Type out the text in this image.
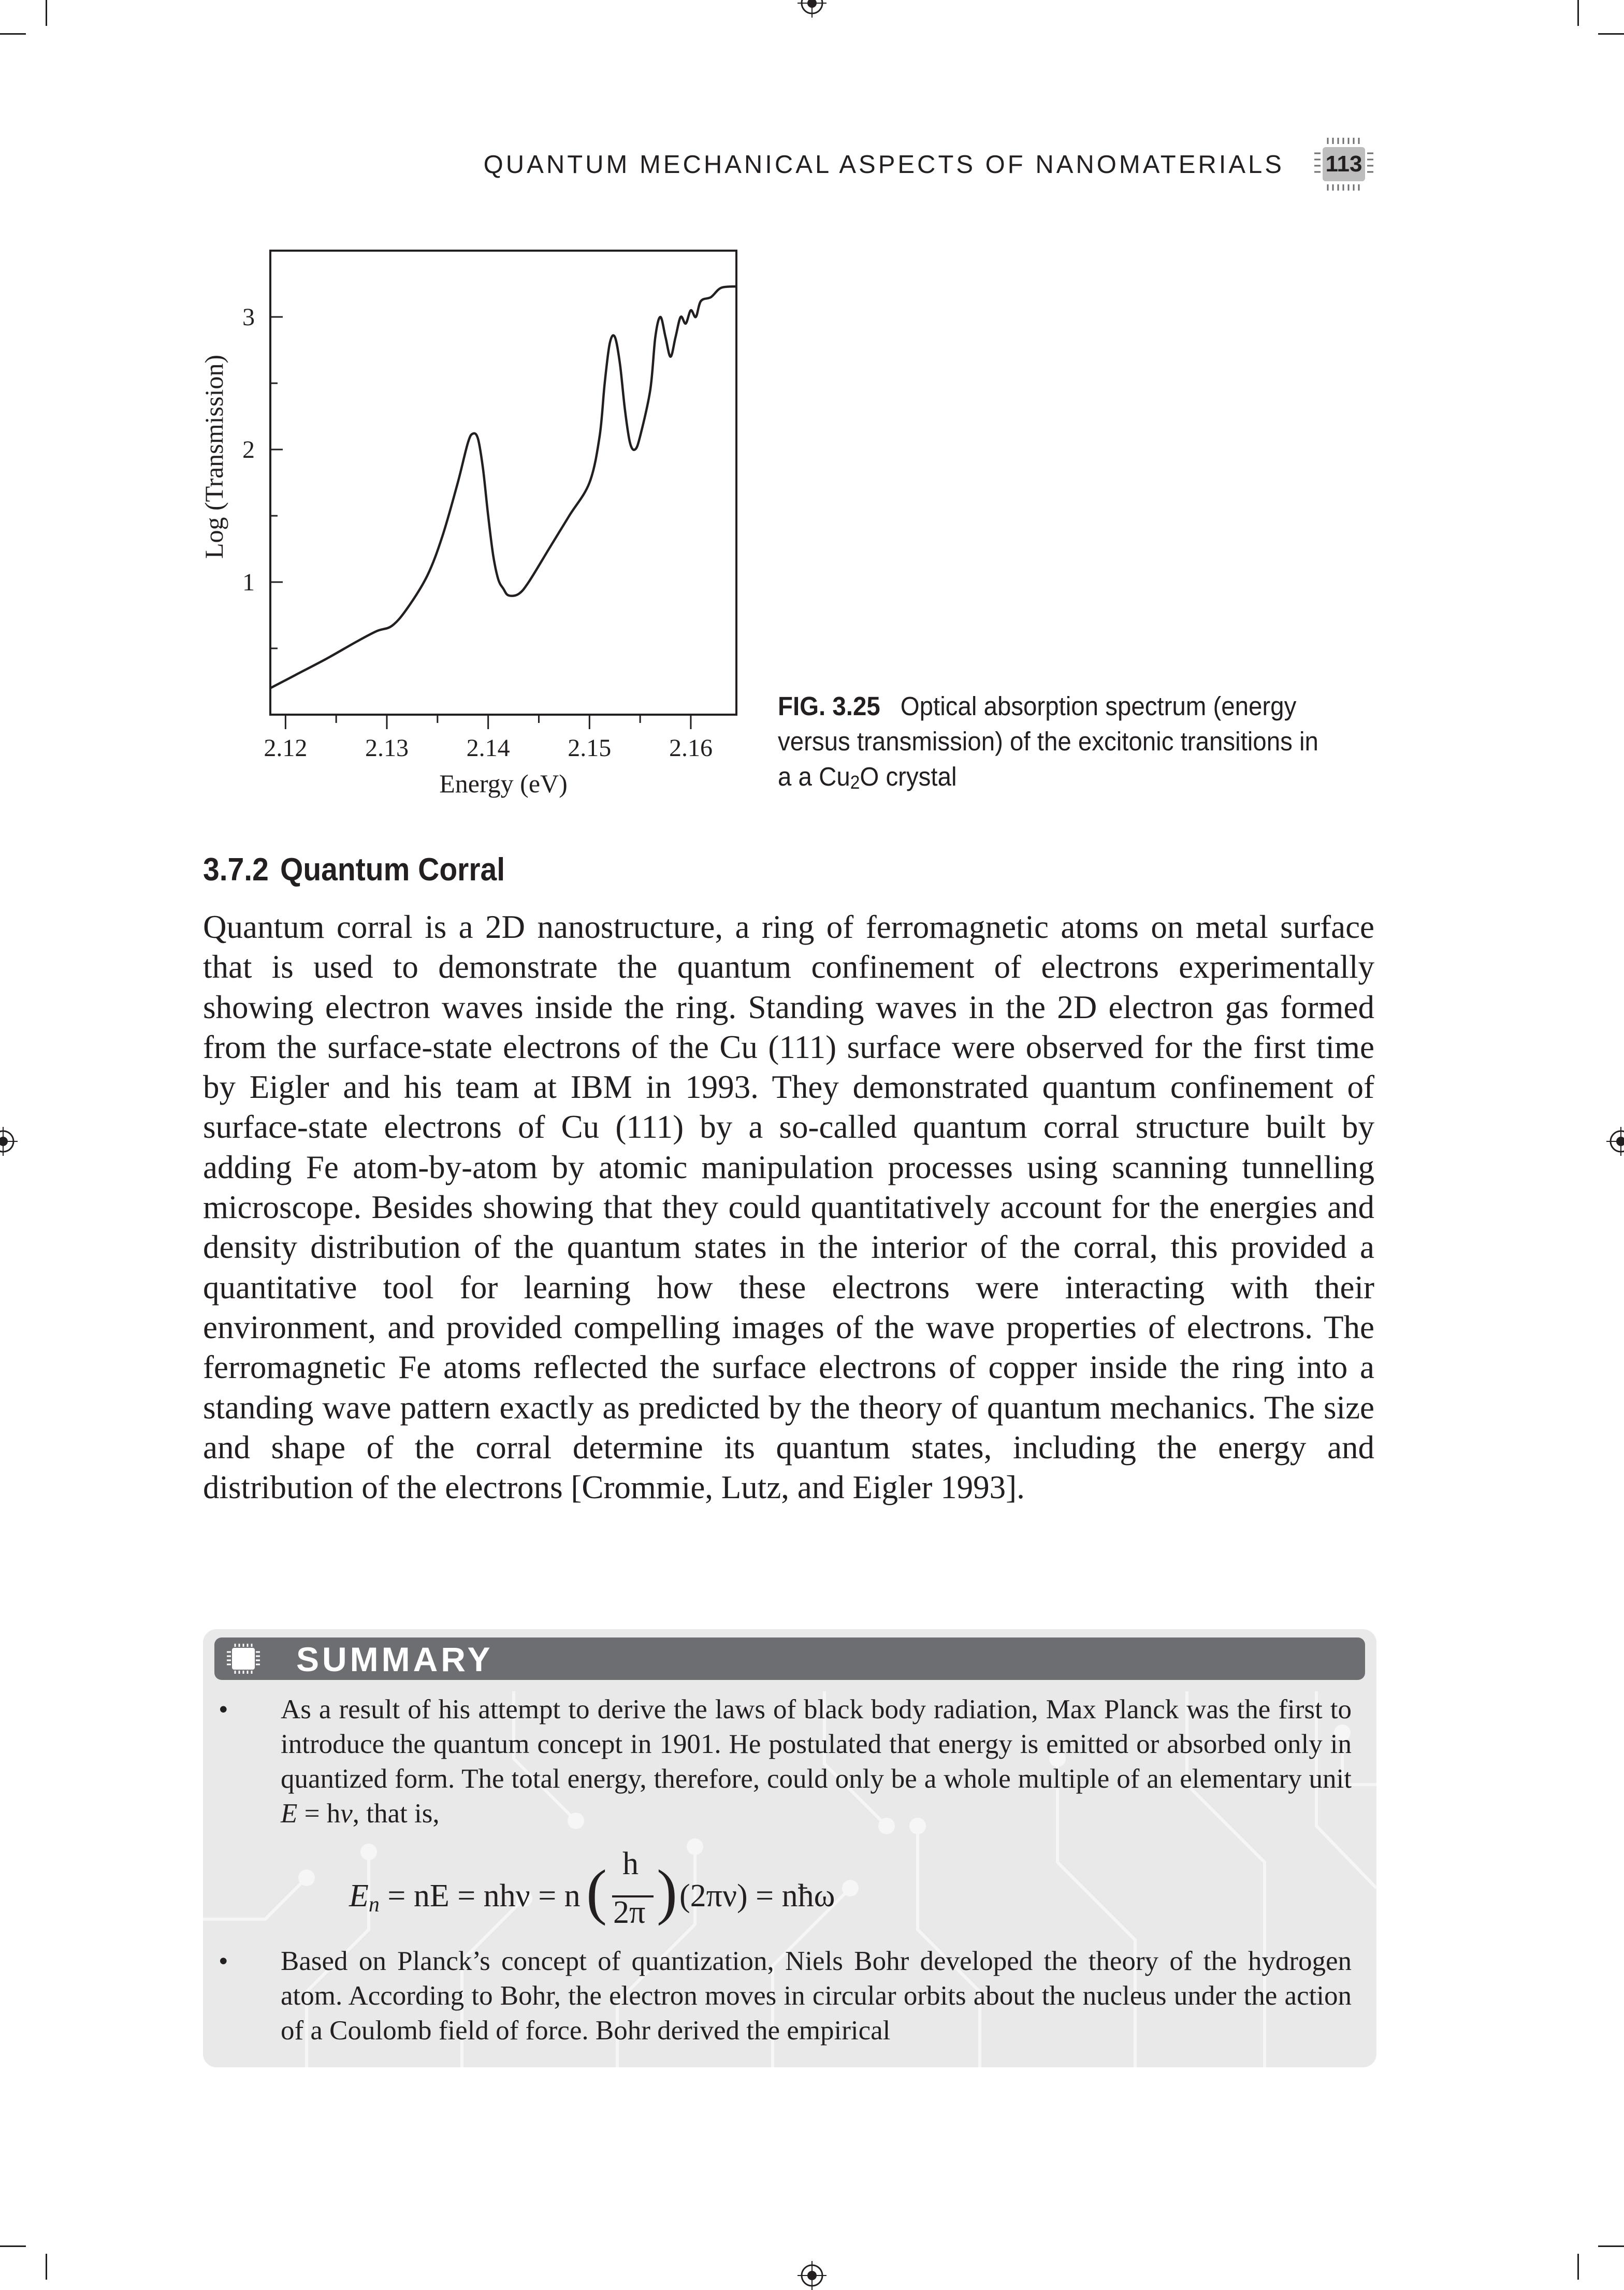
QUANTUM MECHANICAL ASPECTS OF NANOMATERIALS 113
2.12 2.13 2.14 2.15 2.16
1
2
3
Energy (eV)
Log (Transmission)
FIG. 3.25 Optical absorption spectrum (energy versus transmission) of the excitonic transitions in a a $Cu_2O$ crystal
3.7.2 Quantum Corral
Quantum corral is a 2D nanostructure, a ring of ferromagnetic atoms on metal surface that is used to demonstrate the quantum confinement of electrons experimentally showing electron waves inside the ring. Standing waves in the 2D electron gas formed from the surface-state electrons of the Cu (111) surface were observed for the first time by Eigler and his team at IBM in 1993. They demonstrated quantum confinement of surface-state electrons of Cu (111) by a so-called quantum corral structure built by adding Fe atom-by-atom by atomic manipulation processes using scanning tunnelling microscope. Besides showing that they could quantitatively account for the energies and density distribution of the quantum states in the interior of the corral, this provided a quantitative tool for learning how these electrons were interacting with their environment, and provided compelling images of the wave properties of electrons. The ferromagnetic Fe atoms reflected the surface electrons of copper inside the ring into a standing wave pattern exactly as predicted by the theory of quantum mechanics. The size and shape of the corral determine its quantum states, including the energy and distribution of the electrons [Crommie, Lutz, and Eigler 1993].
SUMMARY
• As a result of his attempt to derive the laws of black body radiation, Max Planck was the first to introduce the quantum concept in 1901. He postulated that energy is emitted or absorbed only in quantized form. The total energy, therefore, could only be a whole multiple of an elementary unit E = hν, that is,
$E_n$ = nE = nhν = n ( h
2π ) (2πν) = nħω
• Based on Planck’s concept of quantization, Niels Bohr developed the theory of the hydrogen atom. According to Bohr, the electron moves in circular orbits about the nucleus under the action of a Coulomb field of force. Bohr derived the empirical
